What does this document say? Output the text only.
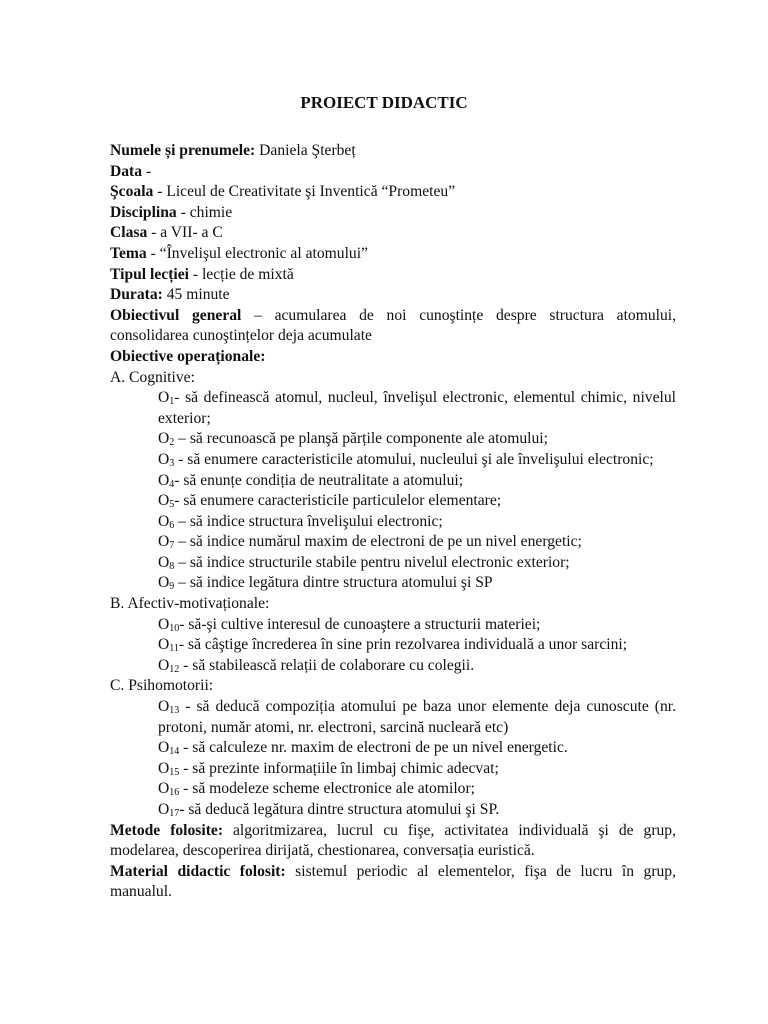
PROIECT DIDACTIC

Numele și prenumele: Daniela Şterbeț

Data -

Şcoala - Liceul de Creativitate şi Inventică “Prometeu”

Disciplina - chimie

Clasa - a VII- a C

Tema - “Învelişul electronic al atomului”

Tipul lecției - lecție de mixtă

Durata: 45 minute

Obiectivul general – acumularea de noi cunoştințe despre structura atomului, consolidarea cunoştințelor deja acumulate

Obiective operaționale:

A. Cognitive:

$O_1-$ să definească atomul, nucleul, învelişul electronic, elementul chimic, nivelul exterior;

$O_2$ – să recunoască pe planşă părțile componente ale atomului;

$O_3$ - să enumere caracteristicile atomului, nucleului şi ale învelişului electronic;

$O_4-$ să enunțe condiția de neutralitate a atomului;

$O_5-$ să enumere caracteristicile particulelor elementare;

$O_6$ – să indice structura învelişului electronic;

$O_7$ – să indice numărul maxim de electroni de pe un nivel energetic;

$O_8$ – să indice structurile stabile pentru nivelul electronic exterior;

$O_9$ – să indice legătura dintre structura atomului şi SP

B. Afectiv-motivaționale:

$O_{10}-$ să-şi cultive interesul de cunoaştere a structurii materiei;

$O_{11}-$ să câştige încrederea în sine prin rezolvarea individuală a unor sarcini;

$O_{12}$ - să stabilească relații de colaborare cu colegii.

C. Psihomotorii:

$O_{13}$ - să deducă compoziția atomului pe baza unor elemente deja cunoscute (nr. protoni, număr atomi, nr. electroni, sarcină nucleară etc)

$O_{14}$ - să calculeze nr. maxim de electroni de pe un nivel energetic.

$O_{15}$ - să prezinte informațiile în limbaj chimic adecvat;

$O_{16}$ - să modeleze scheme electronice ale atomilor;

$O_{17}-$ să deducă legătura dintre structura atomului şi SP.

Metode folosite: algoritmizarea, lucrul cu fişe, activitatea individuală şi de grup, modelarea, descoperirea dirijată, chestionarea, conversația euristică.

Material didactic folosit: sistemul periodic al elementelor, fişa de lucru în grup, manualul.
